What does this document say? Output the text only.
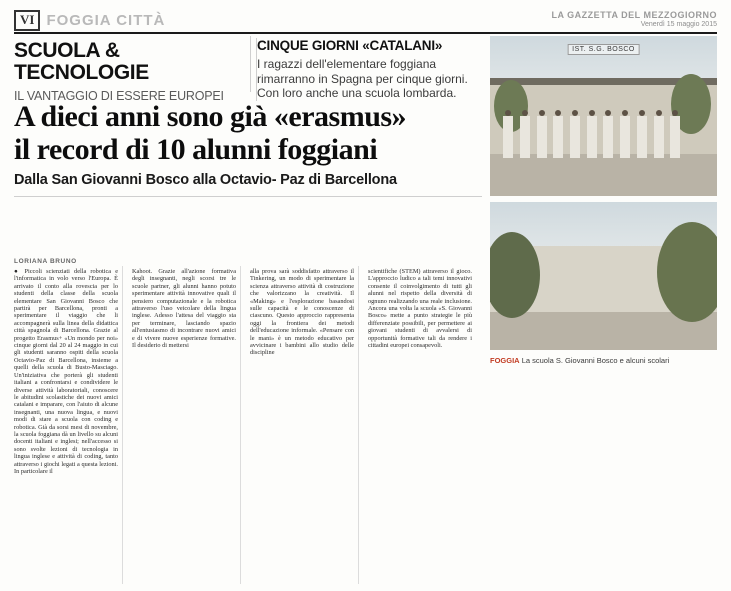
VI FOGGIA CITTÀ	LA GAZZETTA DEL MEZZOGIORNO
Venerdì 15 maggio 2015
SCUOLA & TECNOLOGIE
IL VANTAGGIO DI ESSERE EUROPEI
CINQUE GIORNI «CATALANI»
I ragazzi dell'elementare foggiana rimarranno in Spagna per cinque giorni. Con loro anche una scuola lombarda.
A dieci anni sono già «erasmus»
il record di 10 alunni foggiani
Dalla San Giovanni Bosco alla Octavio- Paz di Barcellona
IST. S.G. BOSCO
FOGGIA La scuola S. Giovanni Bosco e alcuni scolari
LORIANA BRUNO
● Piccoli scienziati della robotica e l'informatica in volo verso l'Europa. È arrivato il conto alla rovescia per lo studenti della classe della scuola elementare San Giovanni Bosco che partirà per Barcellona, pronti a sperimentare il viaggio che li accompagnerà sulla linea della didattica città spagnola di Barcellona. Grazie al progetto Erasmus+ «Un mondo per noi» cinque giorni dal 20 al 24 maggio in cui gli studenti saranno ospiti della scuola Octavio-Paz di Barcellona, insieme a quelli della scuola di Busto-Masciago. Un'iniziativa che porterà gli studenti italiani a confrontarsi e condividere le diverse attività laboratoriali, conoscere le abitudini scolastiche dei nuovi amici catalani e imparare, con l'aiuto di alcune insegnanti, una nuova lingua, e nuovi modi di stare a scuola con coding e robotica. Già da sorsi mesi di novembre, la scuola foggiana dà un livello su alcuni docenti italiani e inglesi; nell'accesso si sono svolte lezioni di tecnologia in lingua inglese e attività di coding, tanto attraverso i giochi legati a questa lezioni. In particolare il
Kahoot. Grazie all'azione formativa degli insegnanti, negli scorsi tre le scuole partner, gli alunni hanno potuto sperimentare attività innovative quali il pensiero computazionale e la robotica attraverso l'uso veicolare della lingua inglese. Adesso l'attesa del viaggio sta per terminare, lasciando spazio all'entusiasmo di incontrare nuovi amici e di vivere nuove esperienze formative. Il desiderio di mettersi
alla prova sarà soddisfatto attraverso il Tinkering, un modo di sperimentare la scienza attraverso attività di costruzione che valorizzano la creatività. Il «Making» e l'esplorazione basandosi sulle capacità e le conoscenze di ciascuno. Questo approccio rappresenta oggi la frontiera dei metodi dell'educazione informale. «Pensare con le mani» è un metodo educativo per avvicinare i bambini allo studio delle discipline
scientifiche (STEM) attraverso il gioco. L'approccio ludico a tali temi innovativi consente il coinvolgimento di tutti gli alunni nel rispetto della diversità di ognuno realizzando una reale inclusione. Ancora una volta la scuola «S. Giovanni Bosco» mette a punto strategie le più differenziate possibili, per permettere ai giovani studenti di avvalersi di opportunità formative tali da rendere i cittadini europei consapevoli.
